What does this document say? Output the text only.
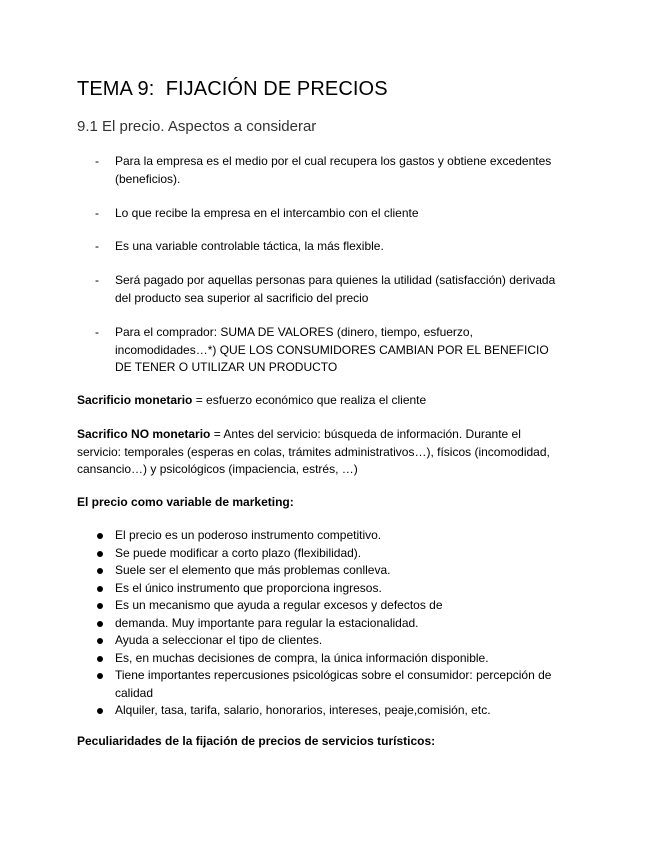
TEMA 9:  FIJACIÓN DE PRECIOS
9.1 El precio. Aspectos a considerar
- Para la empresa es el medio por el cual recupera los gastos y obtiene excedentes (beneficios).
- Lo que recibe la empresa en el intercambio con el cliente
- Es una variable controlable táctica, la más flexible.
- Será pagado por aquellas personas para quienes la utilidad (satisfacción) derivada del producto sea superior al sacrificio del precio
- Para el comprador: SUMA DE VALORES (dinero, tiempo, esfuerzo, incomodidades…*) QUE LOS CONSUMIDORES CAMBIAN POR EL BENEFICIO DE TENER O UTILIZAR UN PRODUCTO
Sacrificio monetario = esfuerzo económico que realiza el cliente
Sacrifico NO monetario = Antes del servicio: búsqueda de información. Durante el servicio: temporales (esperas en colas, trámites administrativos…), físicos (incomodidad, cansancio…) y psicológicos (impaciencia, estrés, …)
El precio como variable de marketing:
El precio es un poderoso instrumento competitivo.
Se puede modificar a corto plazo (flexibilidad).
Suele ser el elemento que más problemas conlleva.
Es el único instrumento que proporciona ingresos.
Es un mecanismo que ayuda a regular excesos y defectos de
demanda. Muy importante para regular la estacionalidad.
Ayuda a seleccionar el tipo de clientes.
Es, en muchas decisiones de compra, la única información disponible.
Tiene importantes repercusiones psicológicas sobre el consumidor: percepción de calidad
Alquiler, tasa, tarifa, salario, honorarios, intereses, peaje,comisión, etc.
Peculiaridades de la fijación de precios de servicios turísticos:
